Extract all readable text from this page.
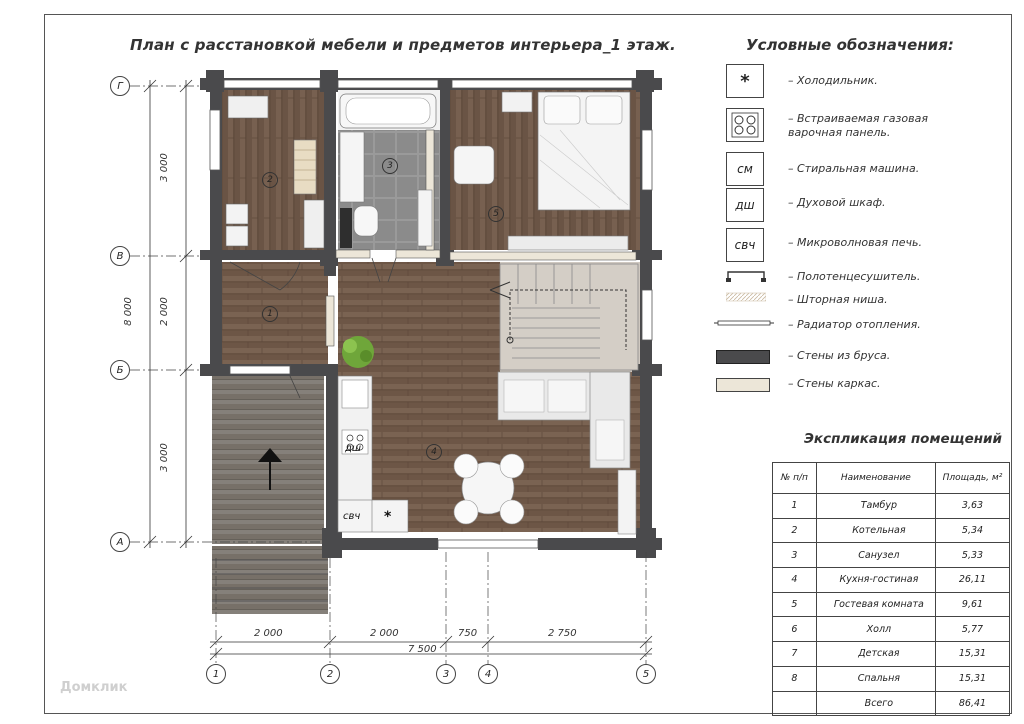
План с расстановкой мебели и предметов интерьера_1 этаж.
Г
В
Б
А
1	2	3	4	5
2 000	2 000	750	2 750
7 500
3 000
2 000
3 000
8 000	1
2
3
4
5
дш
свч *
Условные обозначения:
*	– Холодильник.
– Встраиваемая газовая варочная панель.
см	– Стиральная машина.
дш	– Духовой шкаф.
свч	– Микроволновая печь.
– Полотенцесушитель.
– Шторная ниша.
– Радиатор отопления.
– Стены из бруса.
– Стены каркас.
Экспликация помещений
№ п/п	Наименование	Площадь, м²
1	Тамбур	3,63
2	Котельная	5,34
3	Санузел	5,33
4	Кухня-гостиная	26,11
5	Гостевая комната	9,61
6	Холл	5,77
7	Детская	15,31
8	Спальня	15,31
	Всего	86,41
Домклик
